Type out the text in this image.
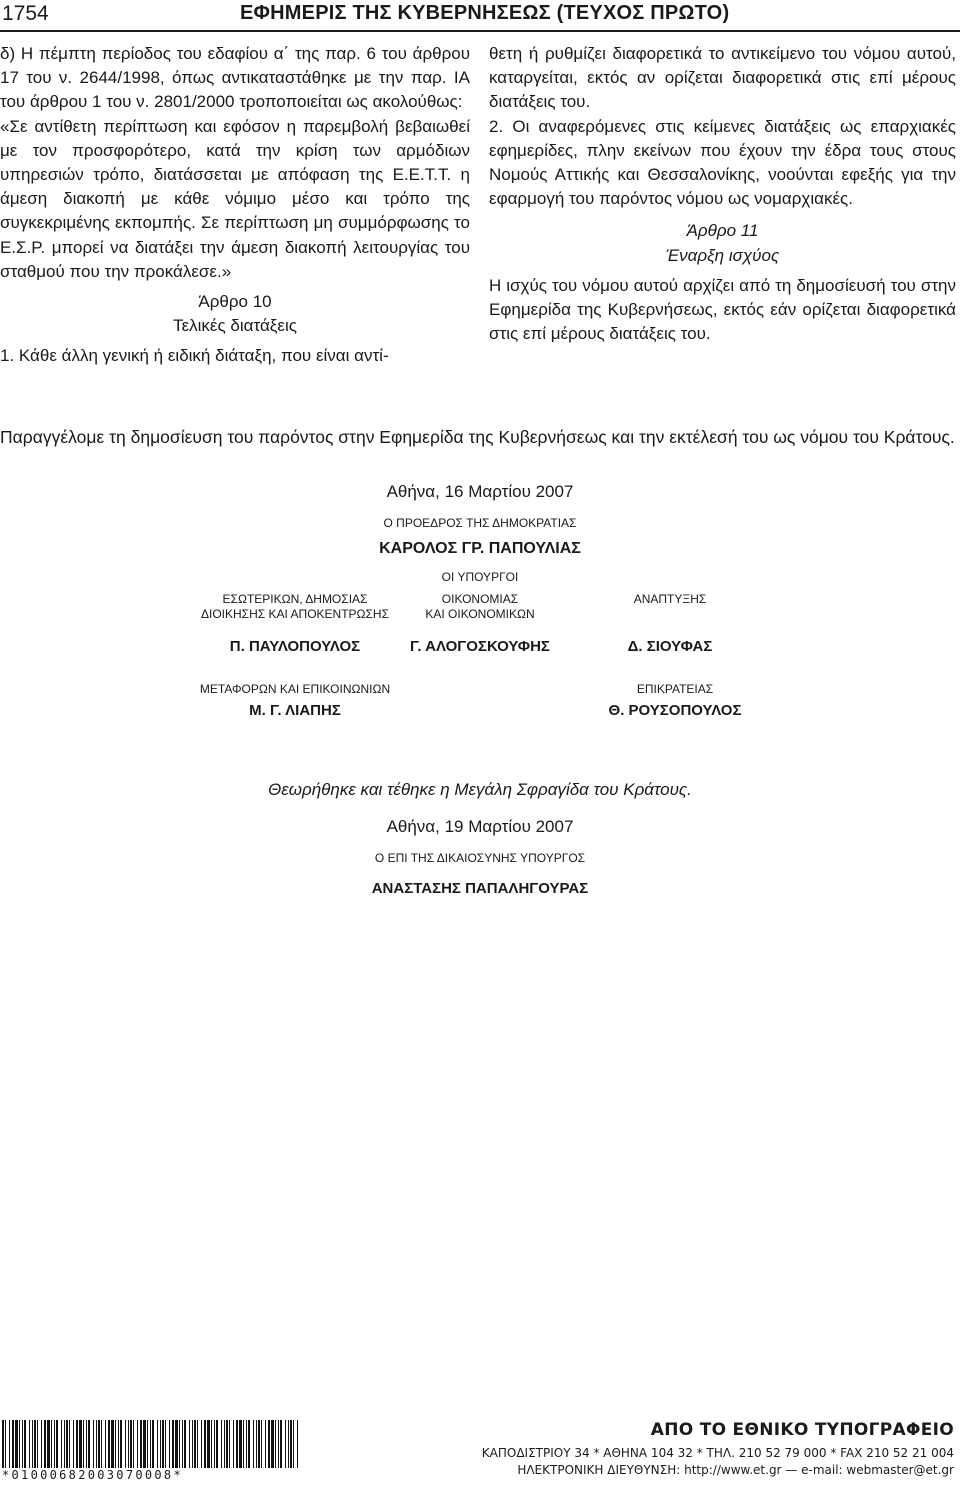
1754	ΕΦΗΜΕΡΙΣ ΤΗΣ ΚΥΒΕΡΝΗΣΕΩΣ (ΤΕΥΧΟΣ ΠΡΩΤΟ)

δ) Η πέμπτη περίοδος του εδαφίου α΄ της παρ. 6 του άρθρου 17 του ν. 2644/1998, όπως αντικαταστάθηκε με την παρ. ΙΑ του άρθρου 1 του ν. 2801/2000 τροποποιείται ως ακολούθως:

«Σε αντίθετη περίπτωση και εφόσον η παρεμβολή βεβαιωθεί με τον προσφορότερο, κατά την κρίση των αρμόδιων υπηρεσιών τρόπο, διατάσσεται με απόφαση της Ε.Ε.Τ.Τ. η άμεση διακοπή με κάθε νόμιμο μέσο και τρόπο της συγκεκριμένης εκπομπής. Σε περίπτωση μη συμμόρφωσης το Ε.Σ.Ρ. μπορεί να διατάξει την άμεση διακοπή λειτουργίας του σταθμού που την προκάλεσε.»

Άρθρο 10

Τελικές διατάξεις

1. Κάθε άλλη γενική ή ειδική διάταξη, που είναι αντί-

θετη ή ρυθμίζει διαφορετικά το αντικείμενο του νόμου αυτού, καταργείται, εκτός αν ορίζεται διαφορετικά στις επί μέρους διατάξεις του.

2. Οι αναφερόμενες στις κείμενες διατάξεις ως επαρχιακές εφημερίδες, πλην εκείνων που έχουν την έδρα τους στους Νομούς Αττικής και Θεσσαλονίκης, νοούνται εφεξής για την εφαρμογή του παρόντος νόμου ως νομαρχιακές.

Άρθρο 11

Έναρξη ισχύος

Η ισχύς του νόμου αυτού αρχίζει από τη δημοσίευσή του στην Εφημερίδα της Κυβερνήσεως, εκτός εάν ορίζεται διαφορετικά στις επί μέρους διατάξεις του.

Παραγγέλομε τη δημοσίευση του παρόντος στην Εφημερίδα της Κυβερνήσεως και την εκτέλεσή του ως νόμου του Κράτους.
Αθήνα, 16 Μαρτίου 2007
Ο ΠΡΟΕΔΡΟΣ ΤΗΣ ΔΗΜΟΚΡΑΤΙΑΣ
ΚΑΡΟΛΟΣ ΓΡ. ΠΑΠΟΥΛΙΑΣ
ΟΙ ΥΠΟΥΡΓΟΙ
ΕΣΩΤΕΡΙΚΩΝ, ΔΗΜΟΣΙΑΣ
ΔΙΟΙΚΗΣΗΣ ΚΑΙ ΑΠΟΚΕΝΤΡΩΣΗΣ
Π. ΠΑΥΛΟΠΟΥΛΟΣ
ΟΙΚΟΝΟΜΙΑΣ
ΚΑΙ ΟΙΚΟΝΟΜΙΚΩΝ
Γ. ΑΛΟΓΟΣΚΟΥΦΗΣ
ΑΝΑΠΤΥΞΗΣ
Δ. ΣΙΟΥΦΑΣ
ΜΕΤΑΦΟΡΩΝ ΚΑΙ ΕΠΙΚΟΙΝΩΝΙΩΝ
Μ. Γ. ΛΙΑΠΗΣ
ΕΠΙΚΡΑΤΕΙΑΣ
Θ. ΡΟΥΣΟΠΟΥΛΟΣ
Θεωρήθηκε και τέθηκε η Μεγάλη Σφραγίδα του Κράτους.
Αθήνα, 19 Μαρτίου 2007
Ο ΕΠΙ ΤΗΣ ΔΙΚΑΙΟΣΥΝΗΣ ΥΠΟΥΡΓΟΣ
ΑΝΑΣΤΑΣΗΣ ΠΑΠΑΛΗΓΟΥΡΑΣ
*01000682003070008*
ΑΠΟ ΤΟ ΕΘΝΙΚΟ ΤΥΠΟΓΡΑΦΕΙΟ
ΚΑΠΟΔΙΣΤΡΙΟΥ 34 * ΑΘΗΝΑ 104 32 * ΤΗΛ. 210 52 79 000 * FAX 210 52 21 004
ΗΛΕΚΤΡΟΝΙΚΗ ΔΙΕΥΘΥΝΣΗ: http://www.et.gr — e-mail: webmaster@et.gr
